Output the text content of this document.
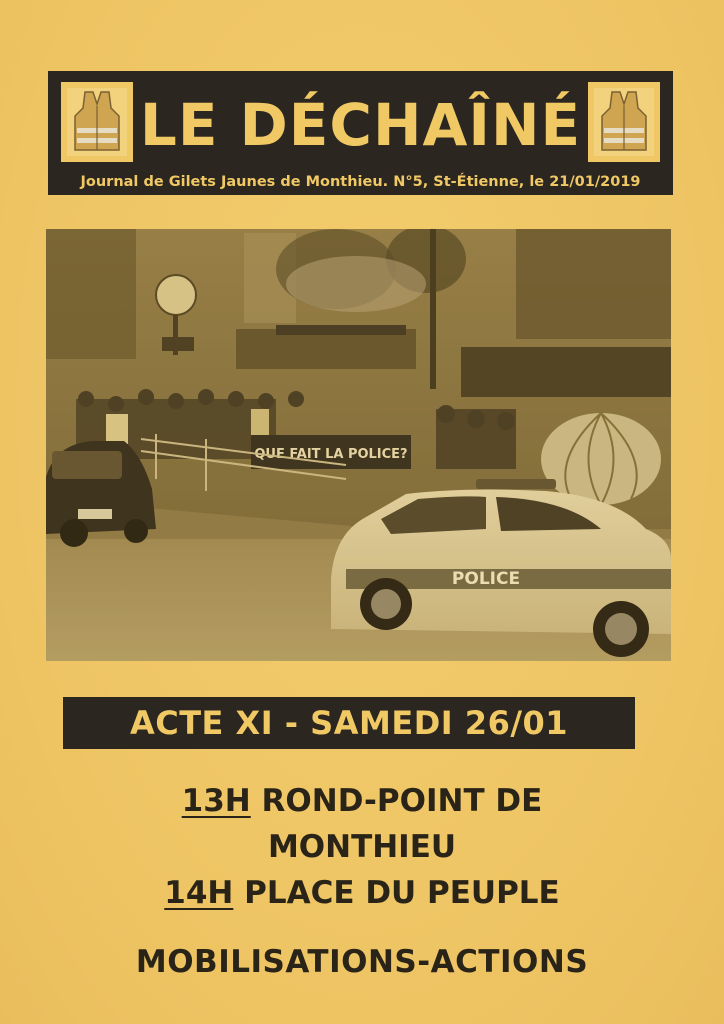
LE DÉCHAÎNÉ
Journal de Gilets Jaunes de Monthieu. N°5, St-Étienne, le 21/01/2019
QUE FAIT LA POLICE?
POLICE
ACTE XI - SAMEDI 26/01
13H ROND-POINT DE
MONTHIEU
14H PLACE DU PEUPLE
MOBILISATIONS-ACTIONS
